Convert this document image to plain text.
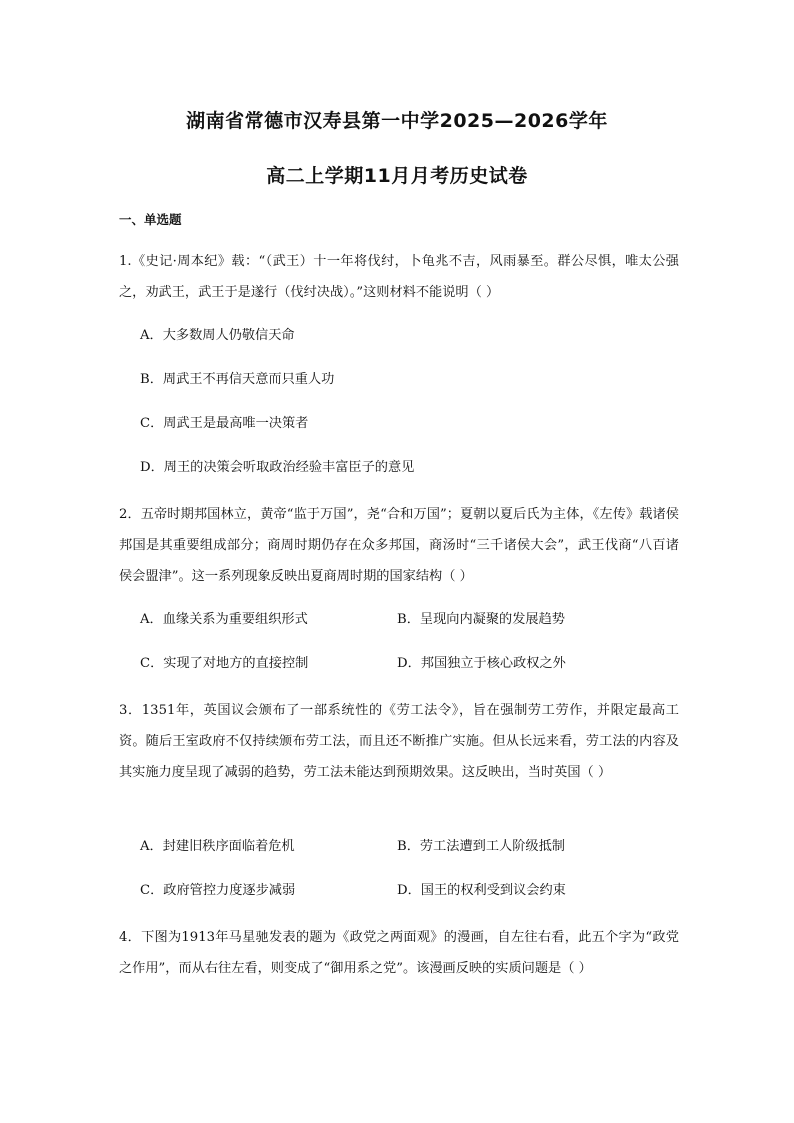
湖南省常德市汉寿县第一中学2025—2026学年
高二上学期11月月考历史试卷
一、单选题
1.《史记·周本纪》载：“（武王）十一年将伐纣，卜龟兆不吉，风雨暴至。群公尽惧，唯太公强之，劝武王，武王于是遂行（伐纣决战）。”这则材料不能说明（ ）
A．大多数周人仍敬信天命
B．周武王不再信天意而只重人功
C．周武王是最高唯一决策者
D．周王的决策会听取政治经验丰富臣子的意见
2．五帝时期邦国林立，黄帝“监于万国”，尧“合和万国”；夏朝以夏后氏为主体，《左传》载诸侯邦国是其重要组成部分；商周时期仍存在众多邦国，商汤时“三千诸侯大会”，武王伐商“八百诸侯会盟津”。这一系列现象反映出夏商周时期的国家结构（ ）
A．血缘关系为重要组织形式	B．呈现向内凝聚的发展趋势
C．实现了对地方的直接控制	D．邦国独立于核心政权之外
3．1351年，英国议会颁布了一部系统性的《劳工法令》，旨在强制劳工劳作，并限定最高工资。随后王室政府不仅持续颁布劳工法，而且还不断推广实施。但从长远来看，劳工法的内容及其实施力度呈现了减弱的趋势，劳工法未能达到预期效果。这反映出，当时英国（ ）
A．封建旧秩序面临着危机	B．劳工法遭到工人阶级抵制
C．政府管控力度逐步减弱	D．国王的权利受到议会约束
4．下图为1913年马星驰发表的题为《政党之两面观》的漫画，自左往右看，此五个字为“政党之作用”，而从右往左看，则变成了“御用系之党”。该漫画反映的实质问题是（ ）
